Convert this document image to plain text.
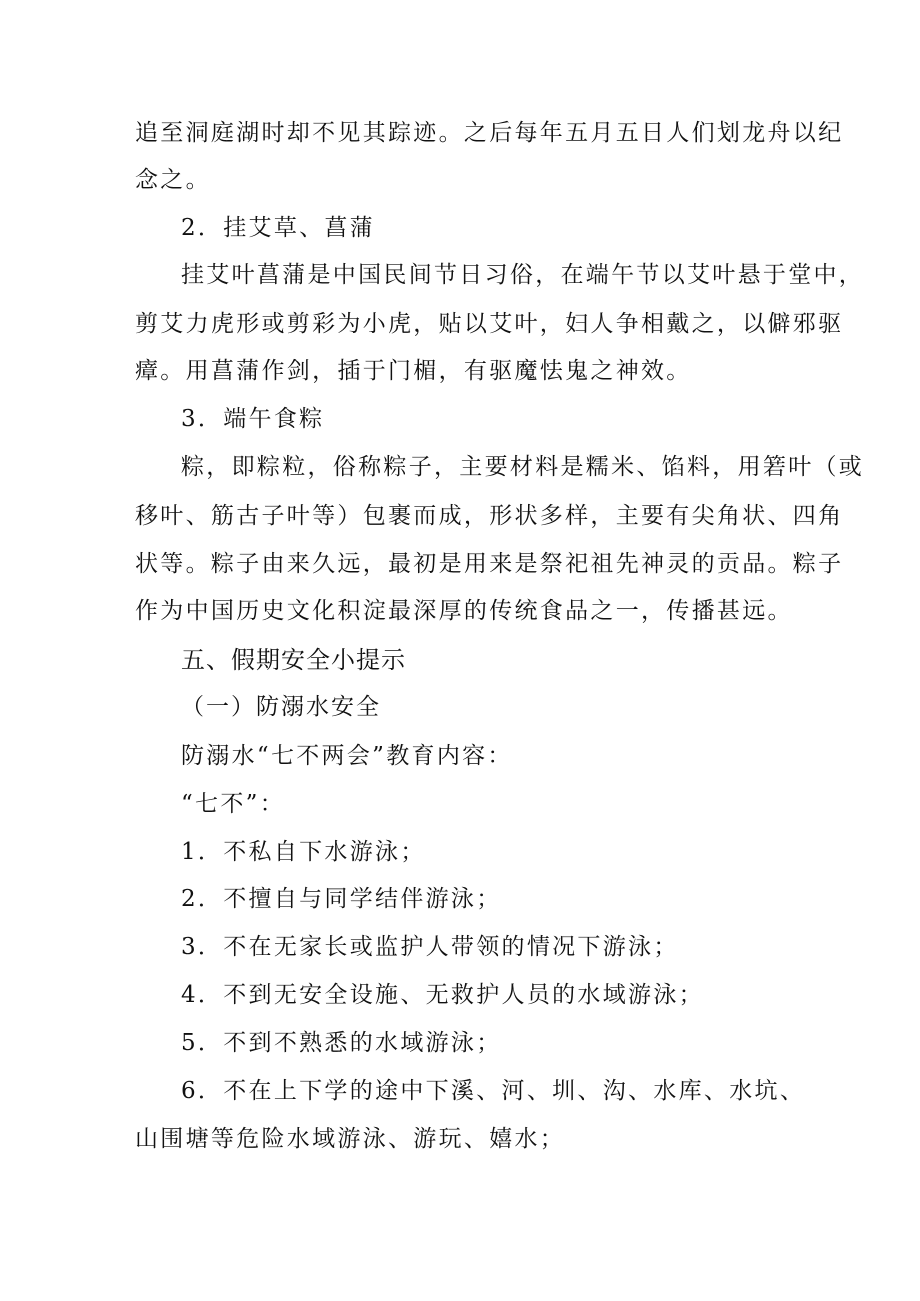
追至洞庭湖时却不见其踪迹。之后每年五月五日人们划龙舟以纪
念之。
2．挂艾草、菖蒲
挂艾叶菖蒲是中国民间节日习俗，在端午节以艾叶悬于堂中，
剪艾力虎形或剪彩为小虎，贴以艾叶，妇人争相戴之，以僻邪驱
瘴。用菖蒲作剑，插于门楣，有驱魔怯鬼之神效。
3．端午食粽
粽，即粽粒，俗称粽子，主要材料是糯米、馅料，用箬叶（或
移叶、筋古子叶等）包裹而成，形状多样，主要有尖角状、四角
状等。粽子由来久远，最初是用来是祭祀祖先神灵的贡品。粽子
作为中国历史文化积淀最深厚的传统食品之一，传播甚远。
五、假期安全小提示
（一）防溺水安全
防溺水“七不两会”教育内容：
“七不”：
1．不私自下水游泳；
2．不擅自与同学结伴游泳；
3．不在无家长或监护人带领的情况下游泳；
4．不到无安全设施、无救护人员的水域游泳；
5．不到不熟悉的水域游泳；
6．不在上下学的途中下溪、河、圳、沟、水库、水坑、
山围塘等危险水域游泳、游玩、嬉水；
